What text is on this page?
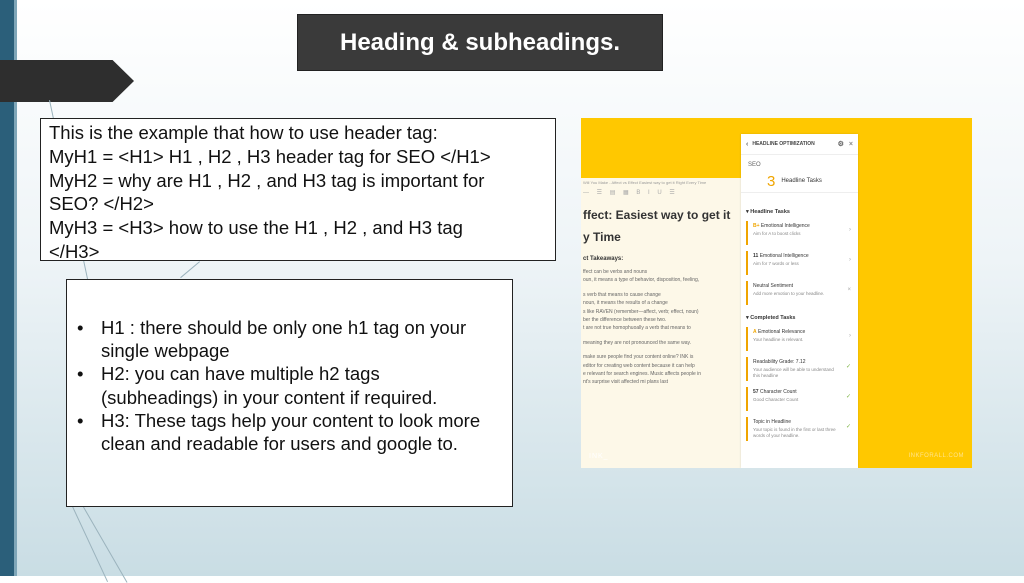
Heading & subheadings.
This is the example that how to use header tag:
MyH1 = <H1> H1 , H2 , H3 header tag for SEO </H1>
MyH2 = why are H1 , H2 , and H3 tag is important for
SEO? </H2>
MyH3 = <H3> how to use the H1 , H2 , and H3 tag
</H3>
• H1 : there should be only one h1 tag on your single webpage
• H2: you can have multiple h2 tags (subheadings) in your content if required.
• H3: These tags help your content to look more clean and readable for users and google to.
Will You Make - Affect vs Effect Easiest way to get it Right Every Time
— ☰ ▤ ▦ B I U ☰
ffect: Easiest way to get it
y Time
ct Takeaways:
ffect can be verbs and nouns
oun, it means a type of behavior, disposition, feeling,
s verb that means to cause change
noun, it means the results of a change
s like RAVEN (remember—affect, verb; effect, noun)
ber the difference between these two.
t are not true homophuoally a verb that means to
meaning they are not pronounced the same way.
make sure people find your content online? INK is
editor for creating web content because it can help
e relevant for search engines. Music affects people in
nt's surprise visit affected mi plans last
INK_	INKFORALL.COM
‹ HEADLINE OPTIMIZATION	⚙ ×
SEO
3 Headline Tasks
▾ Headline Tasks
B+ Emotional Intelligence
Aim for A to boost clicks
›
11 Emotional Intelligence
Aim for 7 words or less
›
Neutral Sentiment
Add more emotion to your headline.
×
▾ Completed Tasks
A Emotional Relevance
Your headline is relevant.
›
Readability Grade: 7.12
Your audience will be able to understand this headline
✓
57 Character Count
Good Character Count	✓
Topic in Headline
Your topic is found in the first or last three words of your headline.
✓
